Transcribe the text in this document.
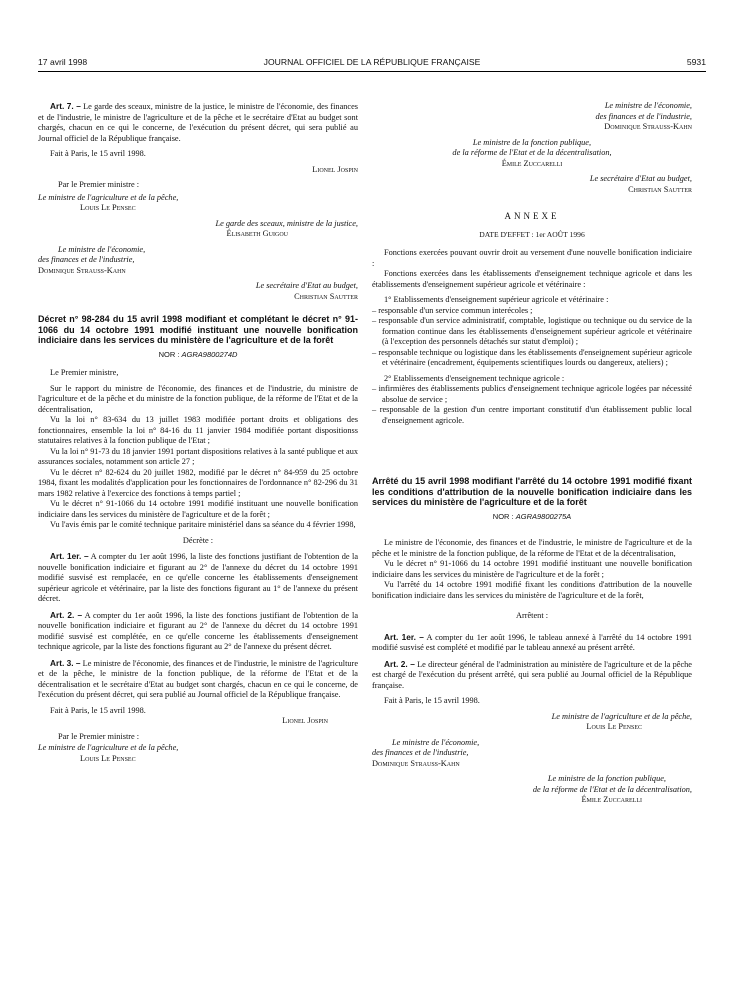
17 avril 1998	JOURNAL OFFICIEL DE LA RÉPUBLIQUE FRANÇAISE	5931

Art. 7. – Le garde des sceaux, ministre de la justice, le ministre de l'économie, des finances et de l'industrie, le ministre de l'agriculture et de la pêche et le secrétaire d'Etat au budget sont chargés, chacun en ce qui le concerne, de l'exécution du présent décret, qui sera publié au Journal officiel de la République française.

Fait à Paris, le 15 avril 1998.

Lionel Jospin

Par le Premier ministre :

Le ministre de l'agriculture et de la pêche,
Louis Le Pensec
Le garde des sceaux, ministre de la justice,
Élisabeth Guigou
Le ministre de l'économie,
des finances et de l'industrie,
Dominique Strauss-Kahn
Le secrétaire d'Etat au budget,
Christian Sautter
Décret n° 98-284 du 15 avril 1998 modifiant et complétant le décret n° 91-1066 du 14 octobre 1991 modifié instituant une nouvelle bonification indiciaire dans les services du ministère de l'agriculture et de la forêt
NOR : AGRA9800274D

Le Premier ministre,

Sur le rapport du ministre de l'économie, des finances et de l'industrie, du ministre de l'agriculture et de la pêche et du ministre de la fonction publique, de la réforme de l'Etat et de la décentralisation,

Vu la loi n° 83-634 du 13 juillet 1983 modifiée portant droits et obligations des fonctionnaires, ensemble la loi n° 84-16 du 11 janvier 1984 modifiée portant dispositionss statutaires relatives à la fonction publique de l'Etat ;

Vu la loi n° 91-73 du 18 janvier 1991 portant dispositions relatives à la santé publique et aux assurances sociales, notamment son article 27 ;

Vu le décret n° 82-624 du 20 juillet 1982, modifié par le décret n° 84-959 du 25 octobre 1984, fixant les modalités d'application pour les fonctionnaires de l'ordonnance n° 82-296 du 31 mars 1982 relative à l'exercice des fonctions à temps partiel ;

Vu le décret n° 91-1066 du 14 octobre 1991 modifié instituant une nouvelle bonification indiciaire dans les services du ministère de l'agriculture et de la forêt ;

Vu l'avis émis par le comité technique paritaire ministériel dans sa séance du 4 février 1998,

Décrète :

Art. 1er. – A compter du 1er août 1996, la liste des fonctions justifiant de l'obtention de la nouvelle bonification indiciaire et figurant au 2° de l'annexe du décret du 14 octobre 1991 modifié susvisé est remplacée, en ce qu'elle concerne les établissements d'enseignement supérieur agricole et vétérinaire, par la liste des fonctions figurant au 1° de l'annexe du présent décret.

Art. 2. – A compter du 1er août 1996, la liste des fonctions justifiant de l'obtention de la nouvelle bonification indiciaire et figurant au 2° de l'annexe du décret du 14 octobre 1991 modifié susvisé est complétée, en ce qu'elle concerne les établissements d'enseignement technique agricole, par la liste des fonctions figurant au 2° de l'annexe du présent décret.

Art. 3. – Le ministre de l'économie, des finances et de l'industrie, le ministre de l'agriculture et de la pêche, le ministre de la fonction publique, de la réforme de l'Etat et de la décentralisation et le secrétaire d'Etat au budget sont chargés, chacun en ce qui le concerne, de l'exécution du présent décret, qui sera publié au Journal officiel de la République française.

Fait à Paris, le 15 avril 1998.

Lionel Jospin

Par le Premier ministre :

Le ministre de l'agriculture et de la pêche,
Louis Le Pensec
Le ministre de l'économie,
des finances et de l'industrie,
Dominique Strauss-Kahn
Le ministre de la fonction publique,
de la réforme de l'Etat et de la décentralisation,
Émile Zuccarelli
Le secrétaire d'Etat au budget,
Christian Sautter

ANNEXE

DATE D'EFFET : 1er AOÛT 1996

Fonctions exercées pouvant ouvrir droit au versement d'une nouvelle bonification indiciaire :

Fonctions exercées dans les établissements d'enseignement technique agricole et dans les établissements d'enseignement supérieur agricole et vétérinaire :

1° Etablissements d'enseignement supérieur agricole et vétérinaire :

– responsable d'un service commun interécoles ;
– responsable d'un service administratif, comptable, logistique ou technique ou du service de la formation continue dans les établissements d'enseignement supérieur agricole et vétérinaire (à l'exception des personnels détachés sur statut d'emploi) ;
– responsable technique ou logistique dans les établissements d'enseignement supérieur agricole et vétérinaire (encadrement, équipements scientifiques lourds ou dangereux, ateliers) ;

2° Etablissements d'enseignement technique agricole :

– infirmières des établissements publics d'enseignement technique agricole logées par nécessité absolue de service ;
– responsable de la gestion d'un centre important constitutif d'un établissement public local d'enseignement agricole.
Arrêté du 15 avril 1998 modifiant l'arrêté du 14 octobre 1991 modifié fixant les conditions d'attribution de la nouvelle bonification indiciaire dans les services du ministère de l'agriculture et de la forêt
NOR : AGRA9800275A

Le ministre de l'économie, des finances et de l'industrie, le ministre de l'agriculture et de la pêche et le ministre de la fonction publique, de la réforme de l'Etat et de la décentralisation,

Vu le décret n° 91-1066 du 14 octobre 1991 modifié instituant une nouvelle bonification indiciaire dans les services du ministère de l'agriculture et de la forêt ;

Vu l'arrêté du 14 octobre 1991 modifié fixant les conditions d'attribution de la nouvelle bonification indiciaire dans les services du ministère de l'agriculture et de la forêt,

Arrêtent :

Art. 1er. – A compter du 1er août 1996, le tableau annexé à l'arrêté du 14 octobre 1991 modifié susvisé est complété et modifié par le tableau annexé au présent arrêté.

Art. 2. – Le directeur général de l'administration au ministère de l'agriculture et de la pêche est chargé de l'exécution du présent arrêté, qui sera publié au Journal officiel de la République française.

Fait à Paris, le 15 avril 1998.

Le ministre de l'agriculture et de la pêche,
Louis Le Pensec
Le ministre de l'économie,
des finances et de l'industrie,
Dominique Strauss-Kahn
Le ministre de la fonction publique,
de la réforme de l'Etat et de la décentralisation,
Émile Zuccarelli
